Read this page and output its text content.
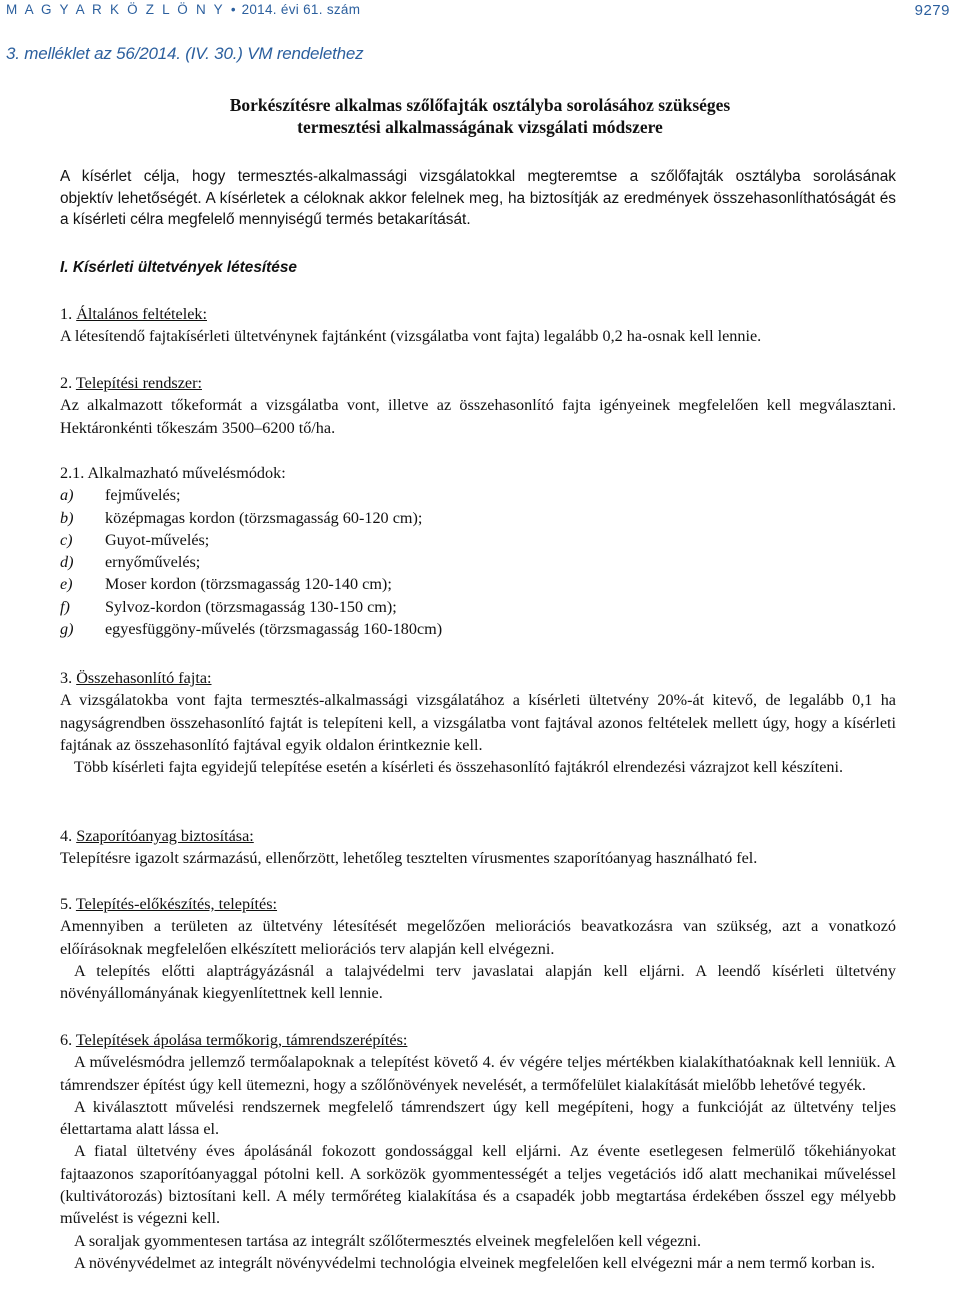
M A G Y A R K Ö Z L Ö N Y • 2014. évi 61. szám	9279
3. melléklet az 56/2014. (IV. 30.) VM rendelethez
Borkészítésre alkalmas szőlőfajták osztályba sorolásához szükséges
termesztési alkalmasságának vizsgálati módszere

A kísérlet célja, hogy termesztés-alkalmassági vizsgálatokkal megteremtse a szőlőfajták osztályba sorolásának

objektív lehetőségét. A kísérletek a céloknak akkor felelnek meg, ha biztosítják az eredmények összehasonlíthatóságát és a kísérleti célra megfelelő mennyiségű termés betakarítását.

I. Kísérleti ültetvények létesítése

1. Általános feltételek:

A létesítendő fajtakísérleti ültetvénynek fajtánként (vizsgálatba vont fajta) legalább 0,2 ha-osnak kell lennie.

2. Telepítési rendszer:

Az alkalmazott tőkeformát a vizsgálatba vont, illetve az összehasonlító fajta igényeinek megfelelően kell megválasztani. Hektáronkénti tőkeszám 3500–6200 tő/ha.

2.1. Alkalmazható művelésmódok:

a) fejművelés;
b) középmagas kordon (törzsmagasság 60-120 cm);
c) Guyot-művelés;
d) ernyőművelés;
e) Moser kordon (törzsmagasság 120-140 cm);
f) Sylvoz-kordon (törzsmagasság 130-150 cm);
g) egyesfüggöny-művelés (törzsmagasság 160-180cm)

3. Összehasonlító fajta:

A vizsgálatokba vont fajta termesztés-alkalmassági vizsgálatához a kísérleti ültetvény 20%-át kitevő, de legalább 0,1 ha nagyságrendben összehasonlító fajtát is telepíteni kell, a vizsgálatba vont fajtával azonos feltételek mellett úgy, hogy a kísérleti fajtának az összehasonlító fajtával egyik oldalon érintkeznie kell.

Több kísérleti fajta egyidejű telepítése esetén a kísérleti és összehasonlító fajtákról elrendezési vázrajzot kell készíteni.

4. Szaporítóanyag biztosítása:

Telepítésre igazolt származású, ellenőrzött, lehetőleg tesztelten vírusmentes szaporítóanyag használható fel.

5. Telepítés-előkészítés, telepítés:

Amennyiben a területen az ültetvény létesítését megelőzően meliorációs beavatkozásra van szükség, azt a vonatkozó előírásoknak megfelelően elkészített meliorációs terv alapján kell elvégezni.

A telepítés előtti alaptrágyázásnál a talajvédelmi terv javaslatai alapján kell eljárni. A leendő kísérleti ültetvény növényállományának kiegyenlítettnek kell lennie.

6. Telepítések ápolása termőkorig, támrendszerépítés:

A művelésmódra jellemző termőalapoknak a telepítést követő 4. év végére teljes mértékben kialakíthatóaknak kell lenniük. A támrendszer építést úgy kell ütemezni, hogy a szőlőnövények nevelését, a termőfelület kialakítását mielőbb lehetővé tegyék.

A kiválasztott művelési rendszernek megfelelő támrendszert úgy kell megépíteni, hogy a funkcióját az ültetvény teljes élettartama alatt lássa el.

A fiatal ültetvény éves ápolásánál fokozott gondossággal kell eljárni. Az évente esetlegesen felmerülő tőkehiányokat fajtaazonos szaporítóanyaggal pótolni kell. A sorközök gyommentességét a teljes vegetációs idő alatt mechanikai műveléssel (kultivátorozás) biztosítani kell. A mély termőréteg kialakítása és a csapadék jobb megtartása érdekében ősszel egy mélyebb művelést is végezni kell.

A soraljak gyommentesen tartása az integrált szőlőtermesztés elveinek megfelelően kell végezni.

A növényvédelmet az integrált növényvédelmi technológia elveinek megfelelően kell elvégezni már a nem termő korban is.
